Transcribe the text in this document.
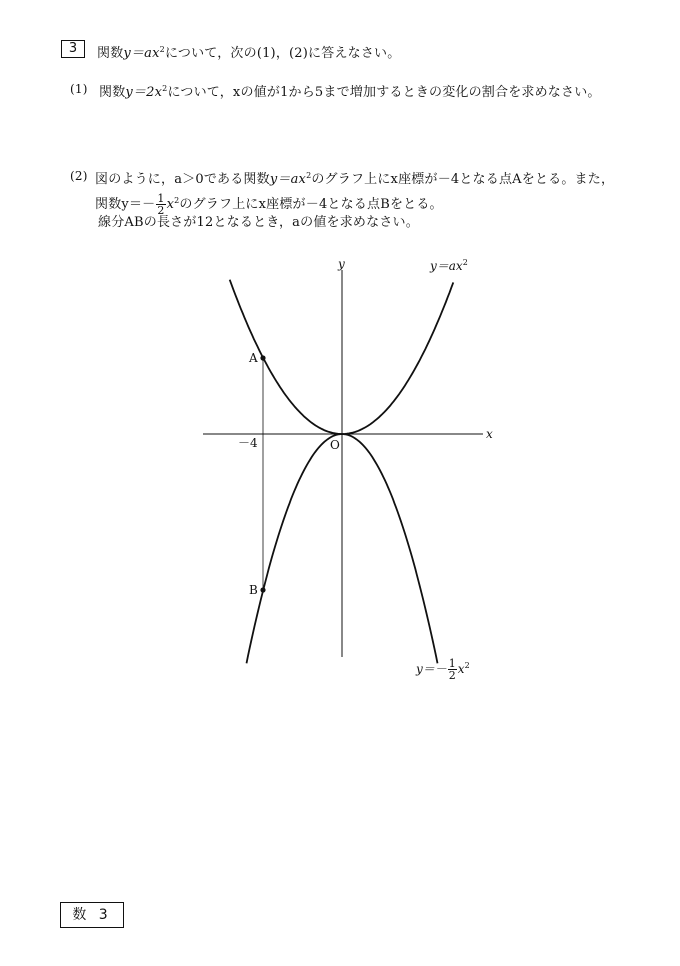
3	関数$y=ax^2$について，次の(1)，(2)に答えなさい。
(1) 関数$y=2x^2$について，xの値が1から5まで増加するときの変化の割合を求めなさい。
(2) 図のように，a＞0である関数$y=ax^2$のグラフ上にx座標が－4となる点Aをとる。また，
関数$y=- \frac{1}{2} x^2$のグラフ上にx座標が－4となる点Bをとる。
線分ABの長さが12となるとき，aの値を求めなさい。
x
y
O
－4
A
B
$y=ax^2$
$y=- \frac{1}{2} x^2$
数 3
